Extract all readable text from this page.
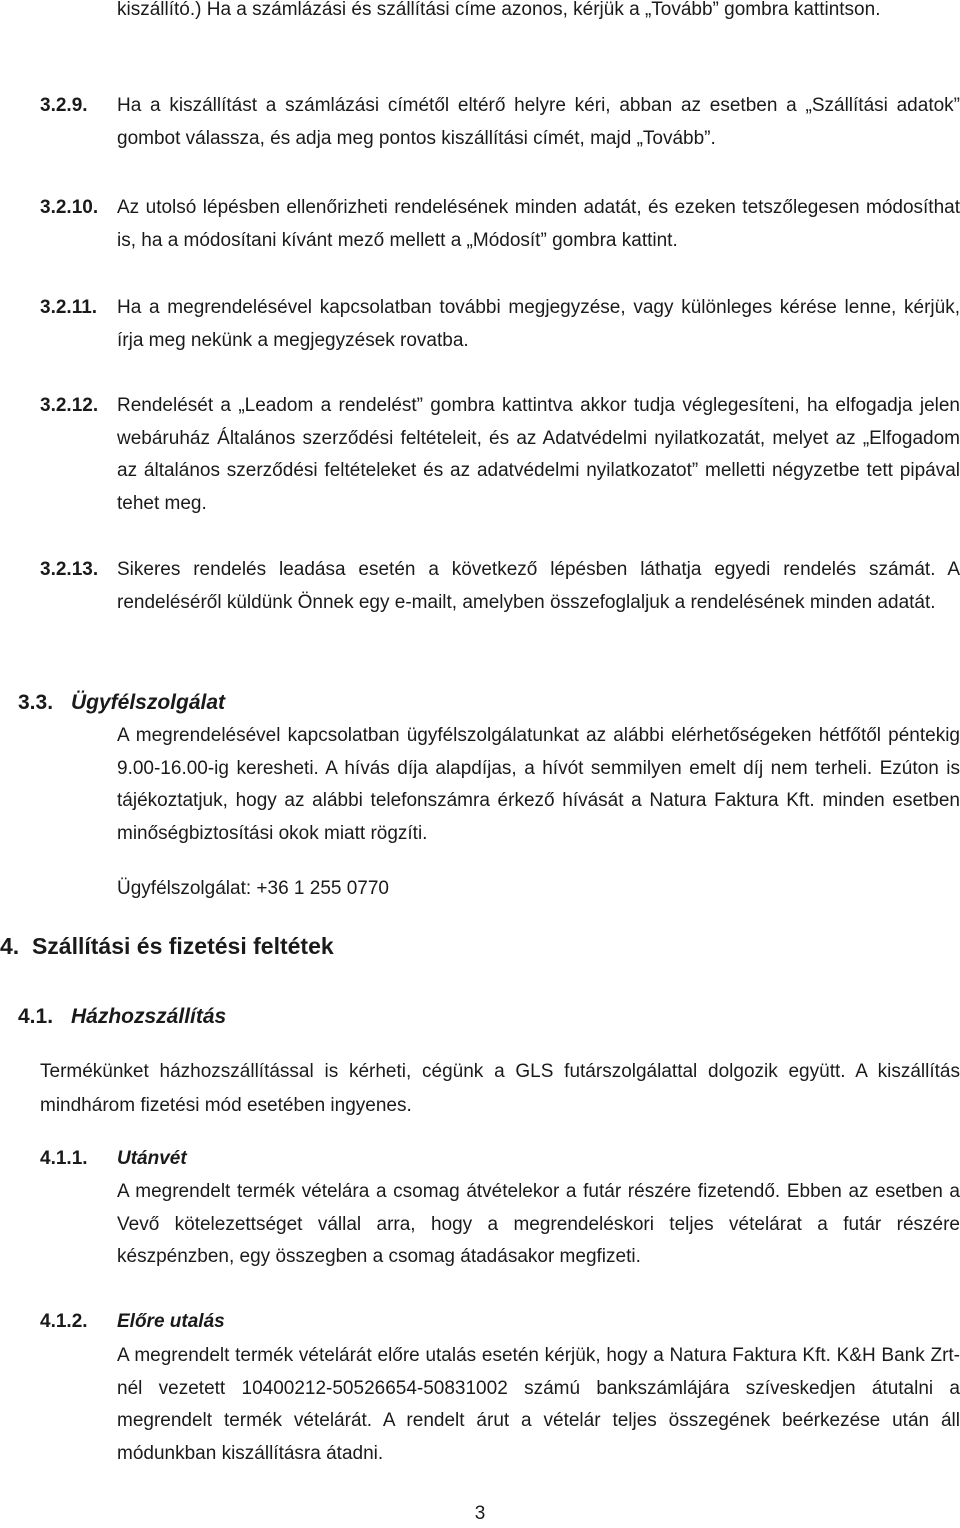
kiszállító.) Ha a számlázási és szállítási címe azonos, kérjük a „Tovább” gombra kattintson.

3.2.9. Ha a kiszállítást a számlázási címétől eltérő helyre kéri, abban az esetben a „Szállítási adatok” gombot válassza, és adja meg pontos kiszállítási címét, majd „Tovább”.

3.2.10. Az utolsó lépésben ellenőrizheti rendelésének minden adatát, és ezeken tetszőlegesen módosíthat is, ha a módosítani kívánt mező mellett a „Módosít” gombra kattint.

3.2.11. Ha a megrendelésével kapcsolatban további megjegyzése, vagy különleges kérése lenne, kérjük, írja meg nekünk a megjegyzések rovatba.

3.2.12. Rendelését a „Leadom a rendelést” gombra kattintva akkor tudja véglegesíteni, ha elfogadja jelen webáruház Általános szerződési feltételeit, és az Adatvédelmi nyilatkozatát, melyet az „Elfogadom az általános szerződési feltételeket és az adatvédelmi nyilatkozatot” melletti négyzetbe tett pipával tehet meg.

3.2.13. Sikeres rendelés leadása esetén a következő lépésben láthatja egyedi rendelés számát. A rendeléséről küldünk Önnek egy e-mailt, amelyben összefoglaljuk a rendelésének minden adatát.

3.3. Ügyfélszolgálat

A megrendelésével kapcsolatban ügyfélszolgálatunkat az alábbi elérhetőségeken hétfőtől péntekig 9.00-16.00-ig keresheti. A hívás díja alapdíjas, a hívót semmilyen emelt díj nem terheli. Ezúton is tájékoztatjuk, hogy az alábbi telefonszámra érkező hívását a Natura Faktura Kft. minden esetben minőségbiztosítási okok miatt rögzíti.

Ügyfélszolgálat: +36 1 255 0770

4.  Szállítási és fizetési feltétek
4.1. Házhozszállítás

Termékünket házhozszállítással is kérheti, cégünk a GLS futárszolgálattal dolgozik együtt. A kiszállítás mindhárom fizetési mód esetében ingyenes.

4.1.1. Utánvét

A megrendelt termék vételára a csomag átvételekor a futár részére fizetendő. Ebben az esetben a Vevő kötelezettséget vállal arra, hogy a megrendeléskori teljes vételárat a futár részére készpénzben, egy összegben a csomag átadásakor megfizeti.

4.1.2. Előre utalás

A megrendelt termék vételárát előre utalás esetén kérjük, hogy a Natura Faktura Kft. K&H Bank Zrt-nél vezetett 10400212-50526654-50831002 számú bankszámlájára szíveskedjen átutalni a megrendelt termék vételárát. A rendelt árut a vételár teljes összegének beérkezése után áll módunkban kiszállításra átadni.

3
